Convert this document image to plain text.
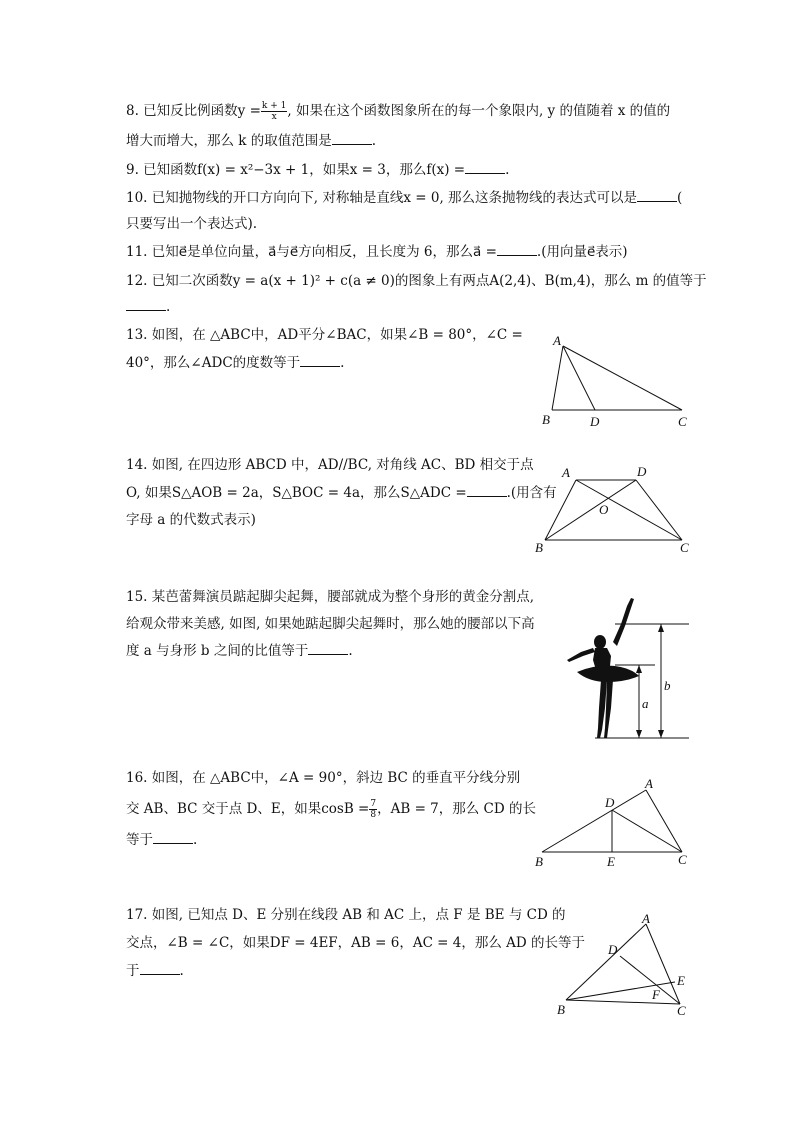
8. 已知反比例函数$y = \frac{k + 1}{x}$ , 如果在这个函数图象所在的每一个象限内, y 的值随着 x 的值的
增大而增大，那么 k 的取值范围是	.
9. 已知函数f(x) = x²−3x + 1，如果x = 3，那么f(x) =	.
10. 已知抛物线的开口方向向下, 对称轴是直线x = 0, 那么这条抛物线的表达式可以是	(
只要写出一个表达式).
11. 已知e⃗是单位向量，a⃗与e⃗方向相反，且长度为 6，那么a⃗ =	.(用向量e⃗表示)
12. 已知二次函数y = a(x + 1)² + c(a ≠ 0)的图象上有两点A(2,4)、B(m,4)，那么 m 的值等于
.
13. 如图，在 △ABC中，AD平分∠BAC，如果∠B = 80°，∠C =
40°，那么∠ADC的度数等于	.
A
B	D	C
14. 如图, 在四边形 ABCD 中，AD//BC, 对角线 AC、BD 相交于点
O, 如果S△AOB = 2a，S△BOC = 4a，那么S△ADC =	.(用含有
字母 a 的代数式表示)
A	D
O
B	C
15. 某芭蕾舞演员踮起脚尖起舞，腰部就成为整个身形的黄金分割点,
给观众带来美感, 如图, 如果她踮起脚尖起舞时，那么她的腰部以下高
度 a 与身形 b 之间的比值等于	.
a
b
16. 如图，在 △ABC中，∠A = 90°，斜边 BC 的垂直平分线分别
交 AB、BC 交于点 D、E，如果$\cos B = \frac{7}{8}$ ，AB = 7，那么 CD 的长
等于	.
A
D
B	E	C
17. 如图, 已知点 D、E 分别在线段 AB 和 AC 上，点 F 是 BE 与 CD 的
交点，∠B = ∠C，如果DF = 4EF，AB = 6，AC = 4，那么 AD 的长等于
于	.
A
D
E
F
B	C
